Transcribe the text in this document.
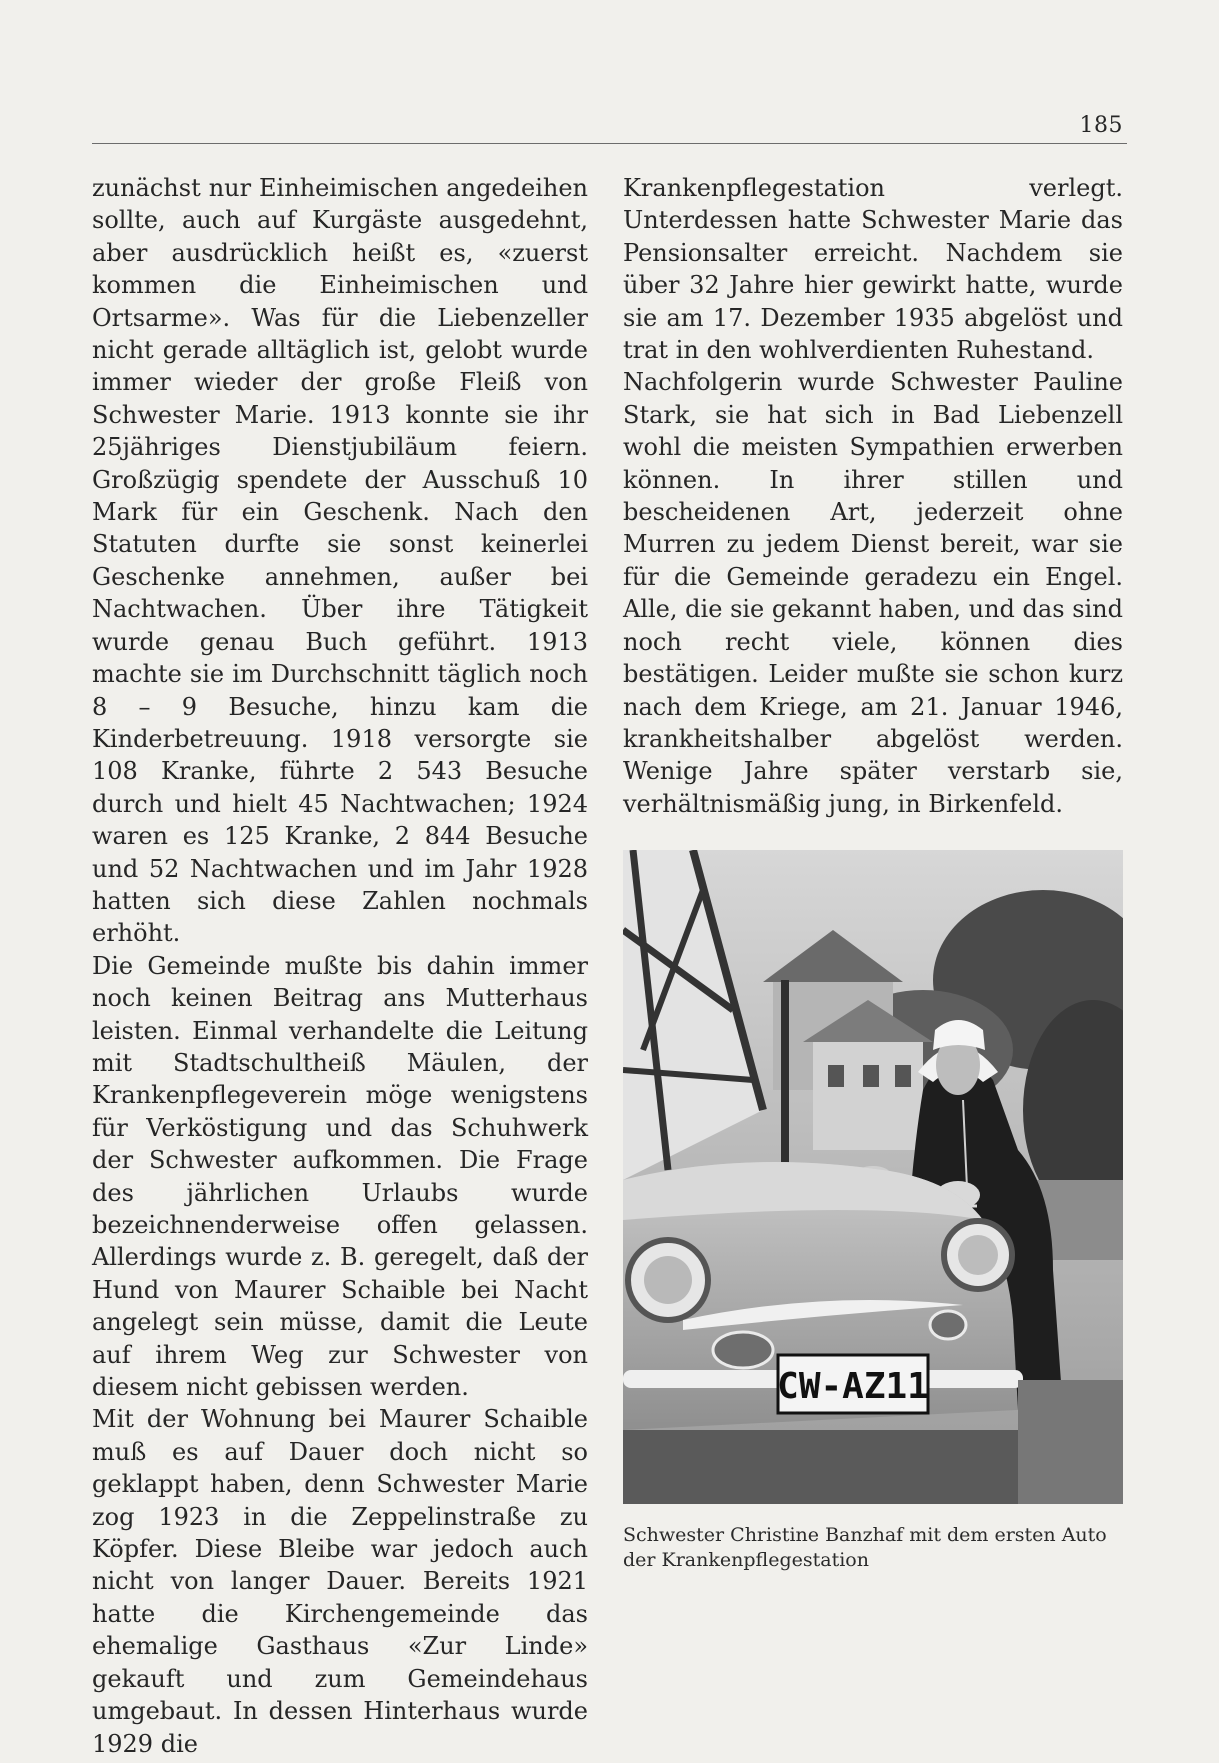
185

zunächst nur Einheimischen angedeihen sollte, auch auf Kurgäste ausgedehnt, aber ausdrücklich heißt es, «zuerst kommen die Einheimischen und Ortsarme». Was für die Liebenzeller nicht gerade alltäglich ist, gelobt wurde immer wieder der große Fleiß von Schwester Marie. 1913 konnte sie ihr 25jähriges Dienstjubiläum feiern. Großzügig spendete der Ausschuß 10 Mark für ein Geschenk. Nach den Statuten durfte sie sonst keinerlei Geschenke annehmen, außer bei Nachtwachen. Über ihre Tätigkeit wurde genau Buch geführt. 1913 machte sie im Durchschnitt täglich noch 8 – 9 Besuche, hinzu kam die Kinderbetreuung. 1918 versorgte sie 108 Kranke, führte 2 543 Besuche durch und hielt 45 Nachtwachen; 1924 waren es 125 Kranke, 2 844 Besuche und 52 Nachtwachen und im Jahr 1928 hatten sich diese Zahlen nochmals erhöht.

Die Gemeinde mußte bis dahin immer noch keinen Beitrag ans Mutterhaus leisten. Einmal verhandelte die Leitung mit Stadtschultheiß Mäulen, der Krankenpflegeverein möge wenigstens für Verköstigung und das Schuhwerk der Schwester aufkommen. Die Frage des jährlichen Urlaubs wurde bezeichnenderweise offen gelassen. Allerdings wurde z. B. geregelt, daß der Hund von Maurer Schaible bei Nacht angelegt sein müsse, damit die Leute auf ihrem Weg zur Schwester von diesem nicht gebissen werden.

Mit der Wohnung bei Maurer Schaible muß es auf Dauer doch nicht so geklappt haben, denn Schwester Marie zog 1923 in die Zeppelinstraße zu Köpfer. Diese Bleibe war jedoch auch nicht von langer Dauer. Bereits 1921 hatte die Kirchengemeinde das ehemalige Gasthaus «Zur Linde» gekauft und zum Gemeindehaus umgebaut. In dessen Hinterhaus wurde 1929 die

Krankenpflegestation verlegt. Unterdessen hatte Schwester Marie das Pensionsalter erreicht. Nachdem sie über 32 Jahre hier gewirkt hatte, wurde sie am 17. Dezember 1935 abgelöst und trat in den wohlverdienten Ruhestand.

Nachfolgerin wurde Schwester Pauline Stark, sie hat sich in Bad Liebenzell wohl die meisten Sympathien erwerben können. In ihrer stillen und bescheidenen Art, jederzeit ohne Murren zu jedem Dienst bereit, war sie für die Gemeinde geradezu ein Engel. Alle, die sie gekannt haben, und das sind noch recht viele, können dies bestätigen. Leider mußte sie schon kurz nach dem Kriege, am 21. Januar 1946, krankheitshalber abgelöst werden. Wenige Jahre später verstarb sie, verhältnismäßig jung, in Birkenfeld.

CW-AZ11
Schwester Christine Banzhaf mit dem ersten Auto der Krankenpflegestation
